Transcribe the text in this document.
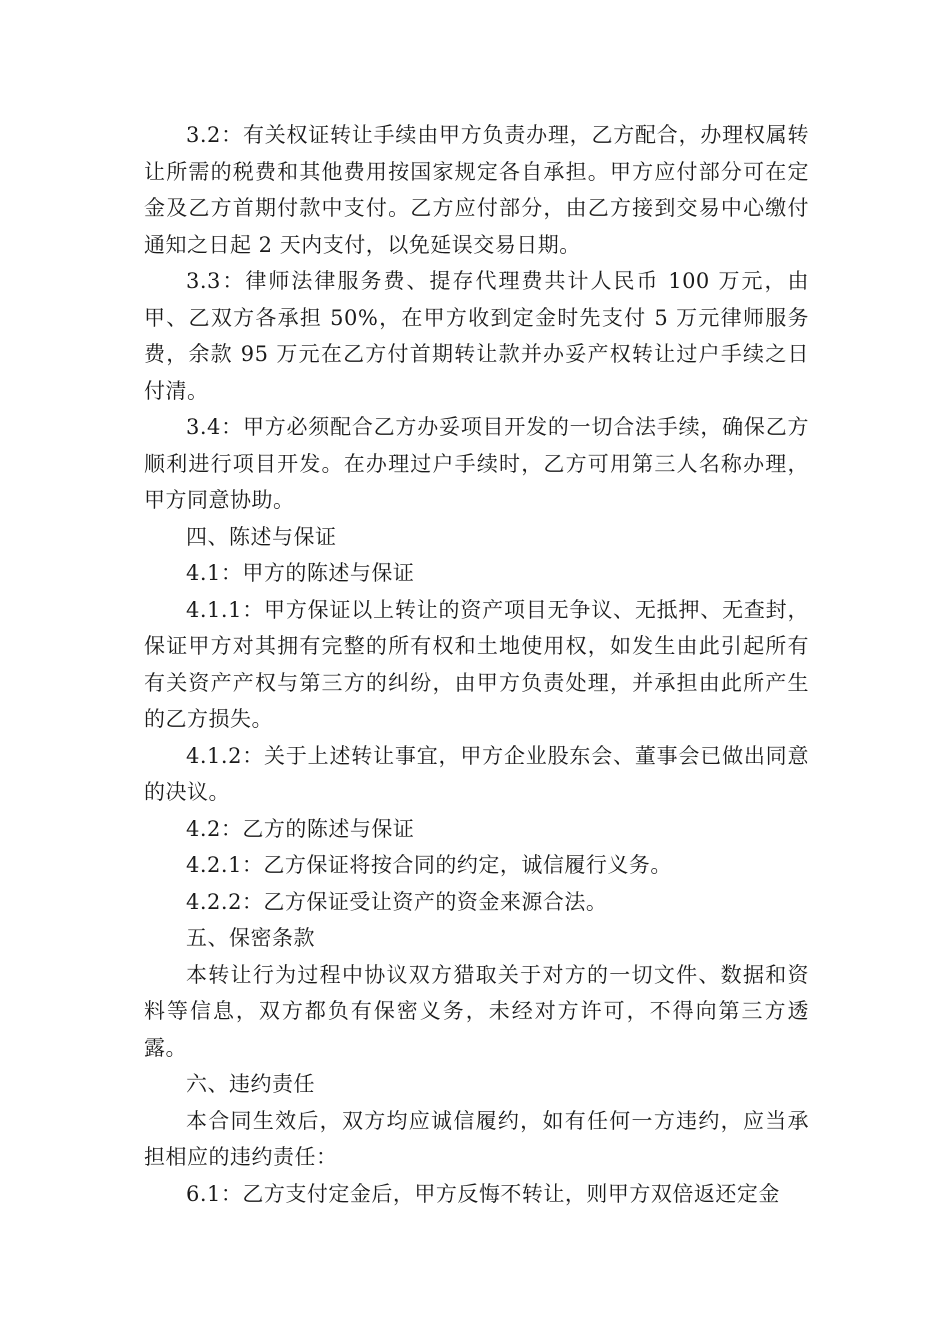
3.2：有关权证转让手续由甲方负责办理，乙方配合，办理权属转让所需的税费和其他费用按国家规定各自承担。甲方应付部分可在定金及乙方首期付款中支付。乙方应付部分，由乙方接到交易中心缴付通知之日起 2 天内支付，以免延误交易日期。

3.3：律师法律服务费、提存代理费共计人民币 100 万元，由甲、乙双方各承担 50%，在甲方收到定金时先支付 5 万元律师服务费，余款 95 万元在乙方付首期转让款并办妥产权转让过户手续之日付清。

3.4：甲方必须配合乙方办妥项目开发的一切合法手续，确保乙方顺利进行项目开发。在办理过户手续时，乙方可用第三人名称办理，甲方同意协助。

四、陈述与保证

4.1：甲方的陈述与保证

4.1.1：甲方保证以上转让的资产项目无争议、无抵押、无查封，保证甲方对其拥有完整的所有权和土地使用权，如发生由此引起所有有关资产产权与第三方的纠纷，由甲方负责处理，并承担由此所产生的乙方损失。

4.1.2：关于上述转让事宜，甲方企业股东会、董事会已做出同意的决议。

4.2：乙方的陈述与保证

4.2.1：乙方保证将按合同的约定，诚信履行义务。

4.2.2：乙方保证受让资产的资金来源合法。

五、保密条款

本转让行为过程中协议双方猎取关于对方的一切文件、数据和资料等信息，双方都负有保密义务，未经对方许可，不得向第三方透露。

六、违约责任

本合同生效后，双方均应诚信履约，如有任何一方违约，应当承担相应的违约责任：

6.1：乙方支付定金后，甲方反悔不转让，则甲方双倍返还定金
